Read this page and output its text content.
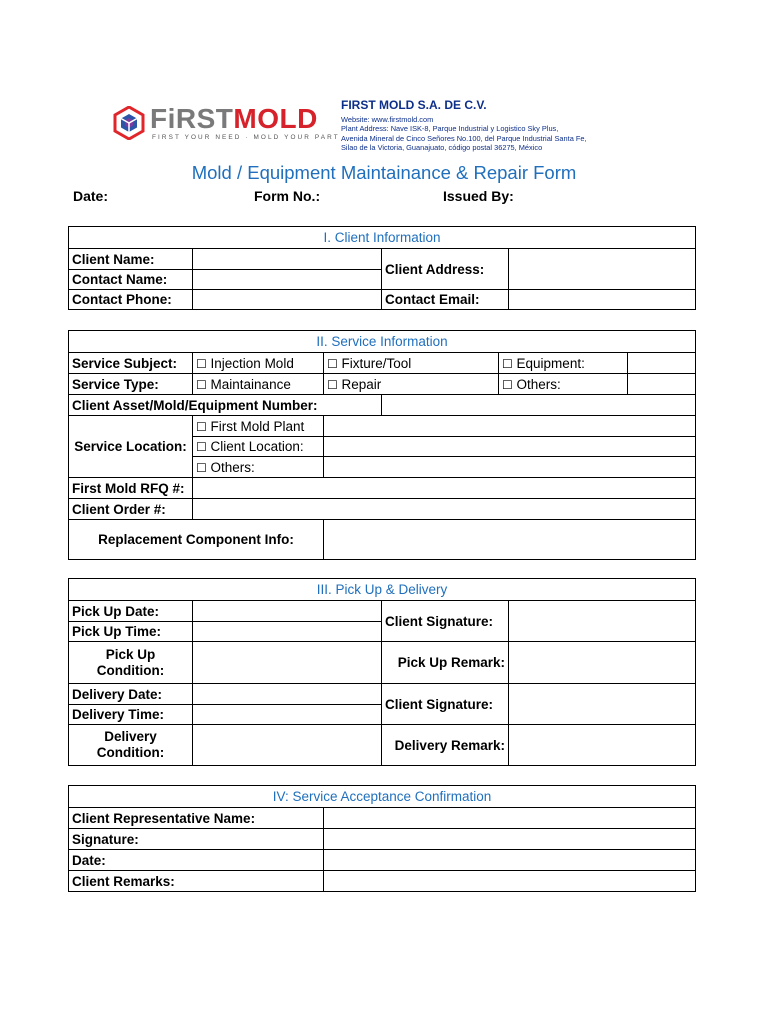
FiRSTMOLD
FIRST YOUR NEED · MOLD YOUR PART
FIRST MOLD S.A. DE C.V.
Website: www.firstmold.com
Plant Address: Nave ISK-8, Parque Industrial y Logistico Sky Plus,
Avenida Mineral de Cinco Señores No.100, del Parque Industrial Santa Fe,
Silao de la Victoria, Guanajuato, código postal 36275, México
Mold / Equipment Maintainance & Repair Form
Date:	Form No.:	Issued By:
I. Client Information			
Client Name:		Client Address:	
Contact Name:			
Contact Phone:		Contact Email:	
II. Service Information					
Service Subject:	☐ Injection Mold	☐ Fixture/Tool		☐ Equipment:	
Service Type:	☐ Maintainance	☐ Repair		☐ Others:	
Client Asset/Mold/Equipment Number:					
Service Location:	☐ First Mold Plant				
	☐ Client Location:				
	☐ Others:				
First Mold RFQ #:					
Client Order #:					
Replacement Component Info:					
III. Pick Up & Delivery			
Pick Up Date:		Client Signature:	
Pick Up Time:			
Pick Up Condition:		Pick Up Remark:	
Delivery Date:		Client Signature:	
Delivery Time:			
Delivery Condition:		Delivery Remark:	
IV: Service Acceptance Confirmation	
Client Representative Name:	
Signature:	
Date:	
Client Remarks:	
